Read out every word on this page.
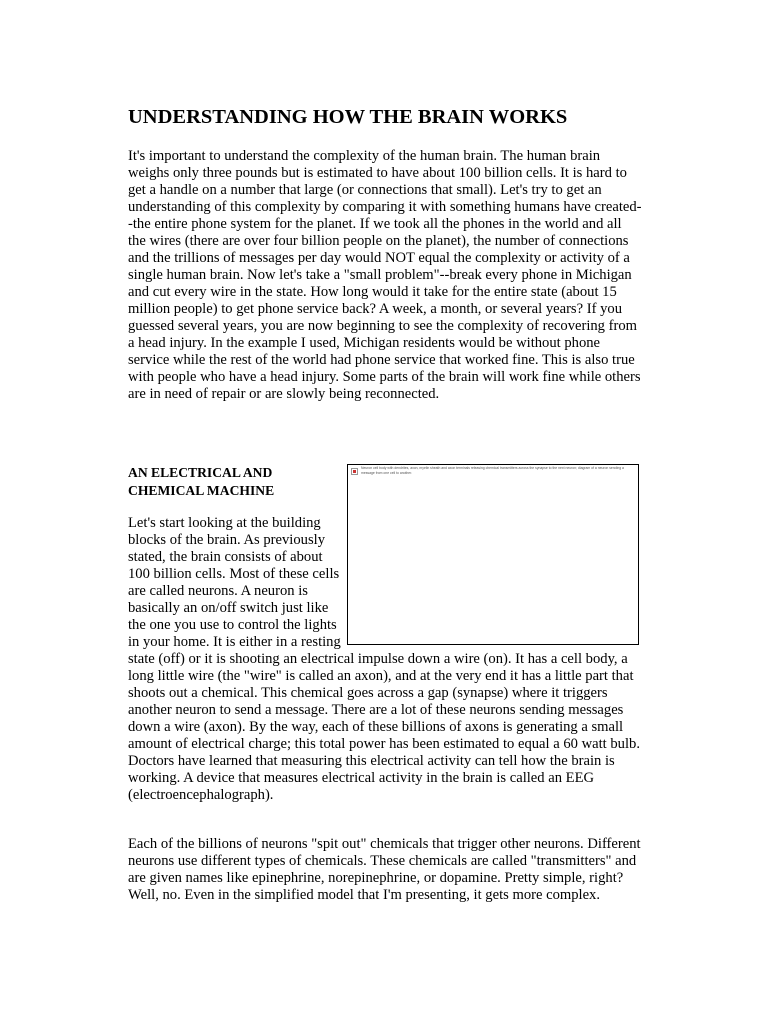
UNDERSTANDING HOW THE BRAIN WORKS

It's important to understand the complexity of the human brain. The human brain weighs only three pounds but is estimated to have about 100 billion cells. It is hard to get a handle on a number that large (or connections that small). Let's try to get an understanding of this complexity by comparing it with something humans have created--the entire phone system for the planet. If we took all the phones in the world and all the wires (there are over four billion people on the planet), the number of connections and the trillions of messages per day would NOT equal the complexity or activity of a single human brain. Now let's take a "small problem"--break every phone in Michigan and cut every wire in the state. How long would it take for the entire state (about 15 million people) to get phone service back? A week, a month, or several years? If you guessed several years, you are now beginning to see the complexity of recovering from a head injury. In the example I used, Michigan residents would be without phone service while the rest of the world had phone service that worked fine. This is also true with people who have a head injury. Some parts of the brain will work fine while others are in need of repair or are slowly being reconnected.

AN ELECTRICAL AND CHEMICAL MACHINE

Neuron cell body with dendrites, axon, myelin sheath and axon terminals releasing chemical transmitters across the synapse to the next neuron; diagram of a neuron sending a message from one cell to another.

Let's start looking at the building blocks of the brain. As previously stated, the brain consists of about 100 billion cells. Most of these cells are called neurons. A neuron is basically an on/off switch just like the one you use to control the lights in your home. It is either in a resting state (off) or it is shooting an electrical impulse down a wire (on). It has a cell body, a long little wire (the "wire" is called an axon), and at the very end it has a little part that shoots out a chemical. This chemical goes across a gap (synapse) where it triggers another neuron to send a message. There are a lot of these neurons sending messages down a wire (axon). By the way, each of these billions of axons is generating a small amount of electrical charge; this total power has been estimated to equal a 60 watt bulb. Doctors have learned that measuring this electrical activity can tell how the brain is working. A device that measures electrical activity in the brain is called an EEG (electroencephalograph).

Each of the billions of neurons "spit out" chemicals that trigger other neurons. Different neurons use different types of chemicals. These chemicals are called "transmitters" and are given names like epinephrine, norepinephrine, or dopamine. Pretty simple, right? Well, no. Even in the simplified model that I'm presenting, it gets more complex.
